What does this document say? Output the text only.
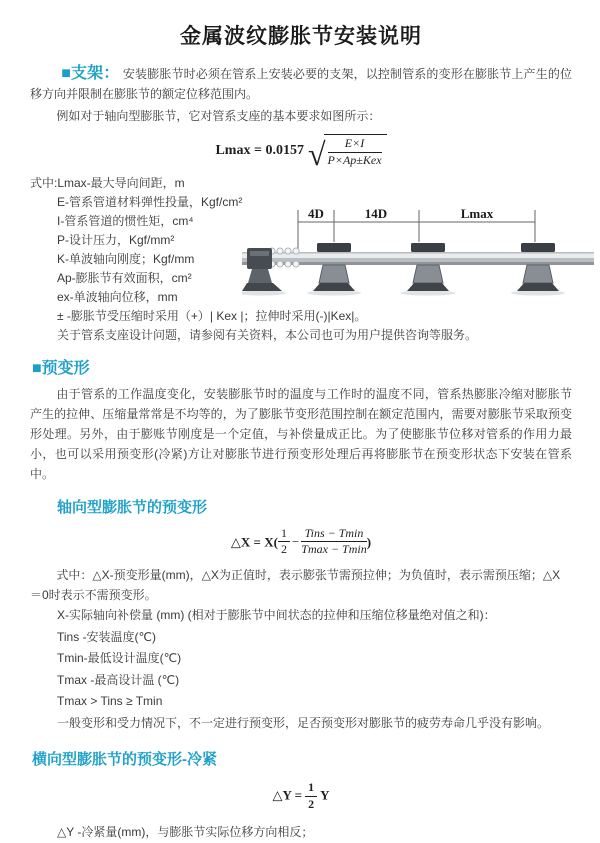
金属波纹膨胀节安装说明

■支架： 安装膨胀节时必须在管系上安装必要的支架，以控制管系的变形在膨胀节上产生的位移方向并限制在膨胀节的额定位移范围内。

例如对于轴向型膨胀节，它对管系支座的基本要求如图所示：

Lmax = 0.0157 √ $\frac{E\times I}{\text{P×Ap±Kex}}$
式中:Lmax-最大导向间距，m
E-管系管道材料弹性投量，Kgf/cm²
I-管系管道的惯性矩，cm⁴
P-设计压力，Kgf/mm²
K-单波轴向刚度；Kgf/mm
Ap-膨胀节有效面积，cm²
ex-单波轴向位移，mm
± -膨胀节受压缩时采用（+）| Kex |；拉伸时采用(-)|Kex|。
关于管系支座设计问题，请参阅有关资料，本公司也可为用户提供咨询等服务。
4D	14D	Lmax
■预变形

由于管系的工作温度变化，安装膨胀节时的温度与工作时的温度不同，管系热膨胀冷缩对膨胀节产生的拉伸、压缩量常常是不均等的，为了膨胀节变形范围控制在额定范围内，需要对膨胀节采取预变形处理。另外，由于膨账节刚度是一个定值，与补偿量成正比。为了使膨胀节位移对管系的作用力最小，也可以采用预变形(冷紧)方让对膨胀节进行预变形处理后再将膨胀节在预变形状态下安装在管系中。

轴向型膨胀节的预变形
△X = $X( \frac{1}{2} - \frac{\text{Tins − Tmin}}{Tmax - Tmin}$ )

式中：△X-预变形量(mm)，△X为正值时，表示膨张节需预拉伸；为负值时，表示需预压缩；△X＝0时表示不需预变形。

X-实际轴向补偿量 (mm) (相对于膨胀节中间状态的拉伸和压缩位移量绝对值之和)：
Tins -安装温度(℃)
Tmin-最低设计温度(℃)
Tmax -最高设计温 (℃)
Tmax > Tins ≥ Tmin
一般变形和受力情况下，不一定进行预变形，足否预变形对膨胀节的疲劳寿命几乎没有影响。
横向型膨胀节的预变形-冷紧
△Y = $\frac{1}{2}$ Y
△Y -冷紧量(mm)，与膨胀节实际位移方向相反；
